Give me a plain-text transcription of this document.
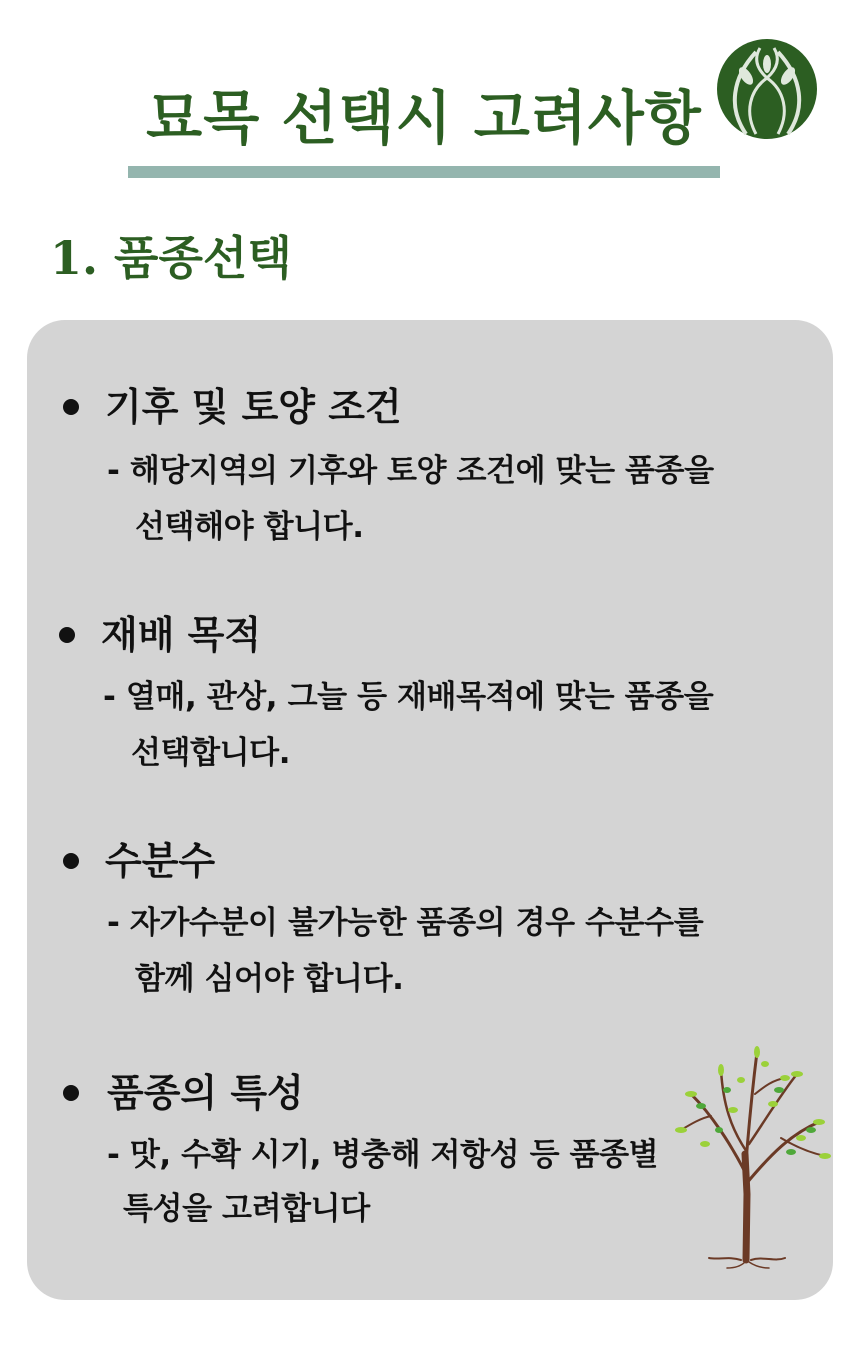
묘목 선택시 고려사항
1. 품종선택
기후 및 토양 조건
- 해당지역의 기후와 토양 조건에 맞는 품종을
선택해야 합니다.
재배 목적
- 열매, 관상, 그늘 등 재배목적에 맞는 품종을
선택합니다.
수분수
- 자가수분이 불가능한 품종의 경우 수분수를
함께 심어야 합니다.
품종의 특성
- 맛, 수확 시기, 병충해 저항성 등 품종별
특성을 고려합니다
